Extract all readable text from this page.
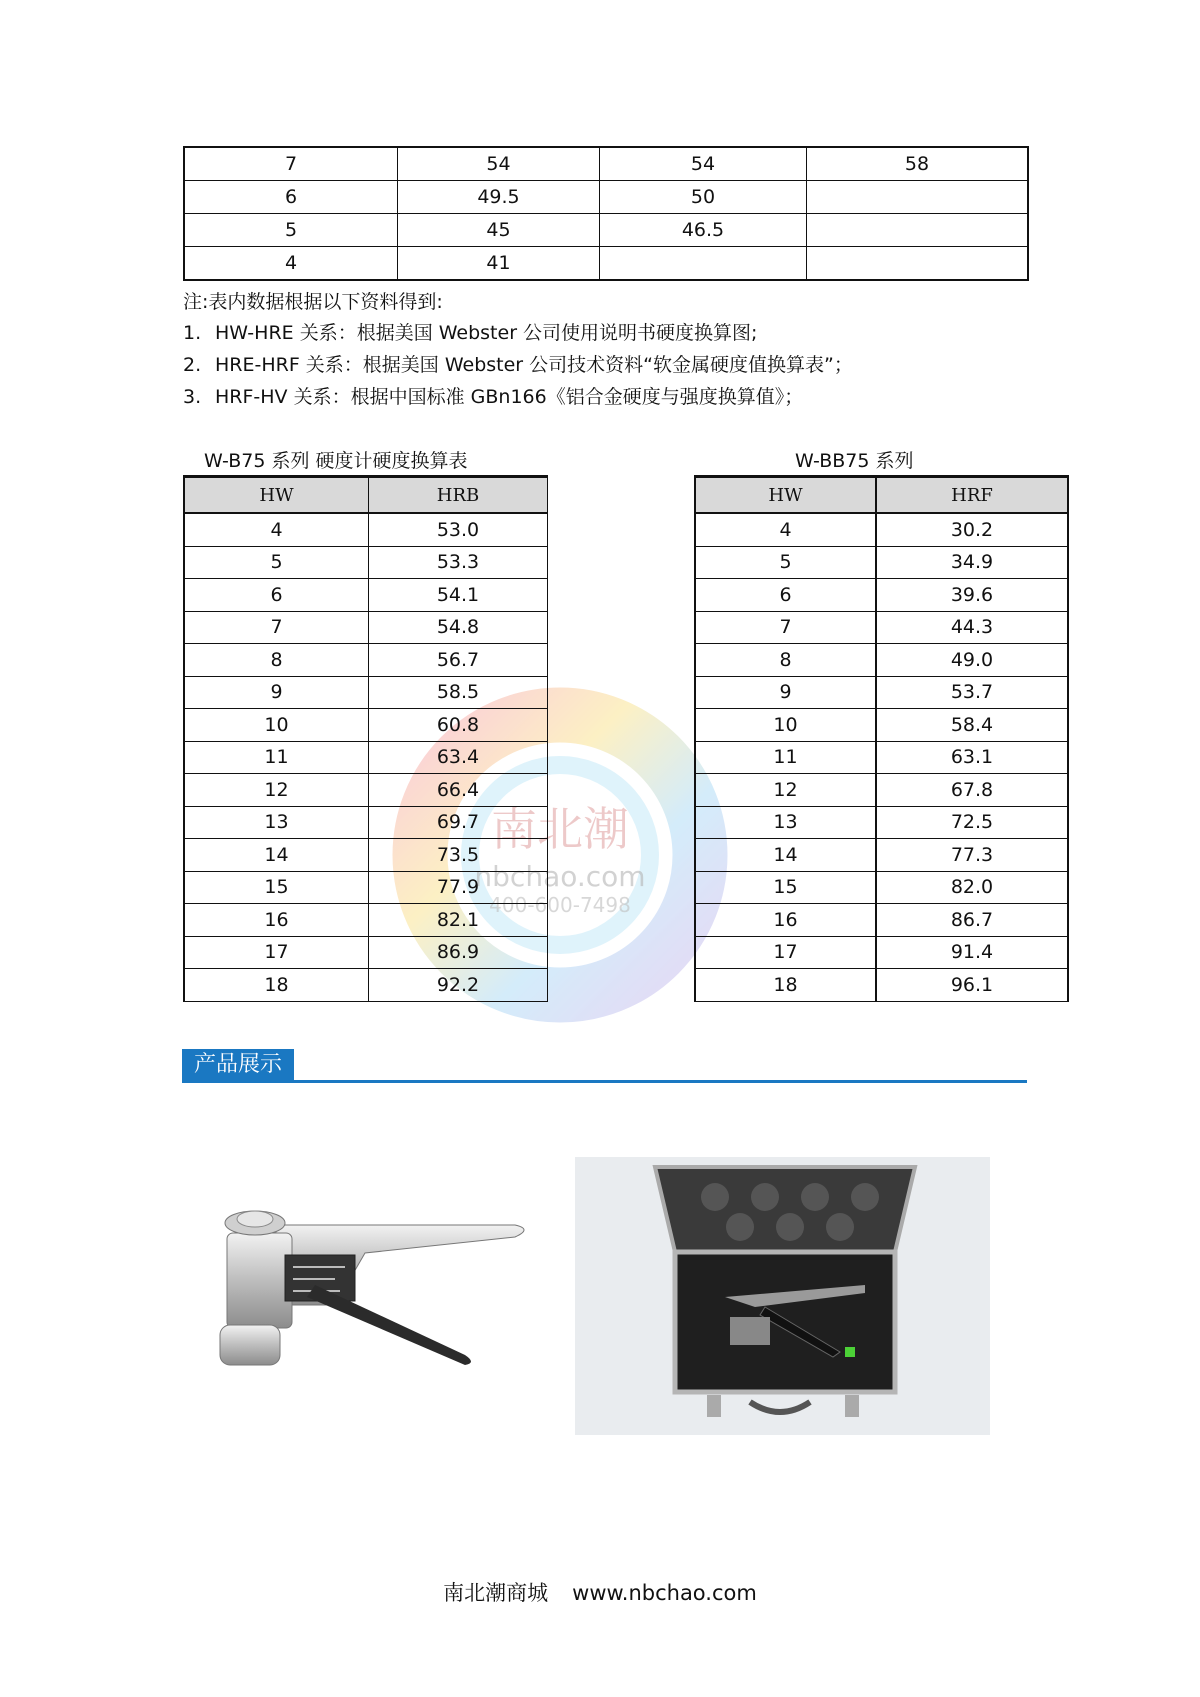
7	54	54	58
6	49.5	50	
5	45	46.5	
4	41		
注:表内数据根据以下资料得到:
1. HW-HRE 关系：根据美国 Webster 公司使用说明书硬度换算图;
2. HRE-HRF 关系：根据美国 Webster 公司技术资料“软金属硬度值换算表”；
3. HRF-HV 关系：根据中国标准 GBn166《铝合金硬度与强度换算值》；
W-B75 系列 硬度计硬度换算表	W-BB75 系列
南北潮
nbchao.com
400-600-7498
HW	HRB
4	53.0
5	53.3
6	54.1
7	54.8
8	56.7
9	58.5
10	60.8
11	63.4
12	66.4
13	69.7
14	73.5
15	77.9
16	82.1
17	86.9
18	92.2
HW	HRF
4	30.2
5	34.9
6	39.6
7	44.3
8	49.0
9	53.7
10	58.4
11	63.1
12	67.8
13	72.5
14	77.3
15	82.0
16	86.7
17	91.4
18	96.1
产品展示
南北潮商城 www.nbchao.com
